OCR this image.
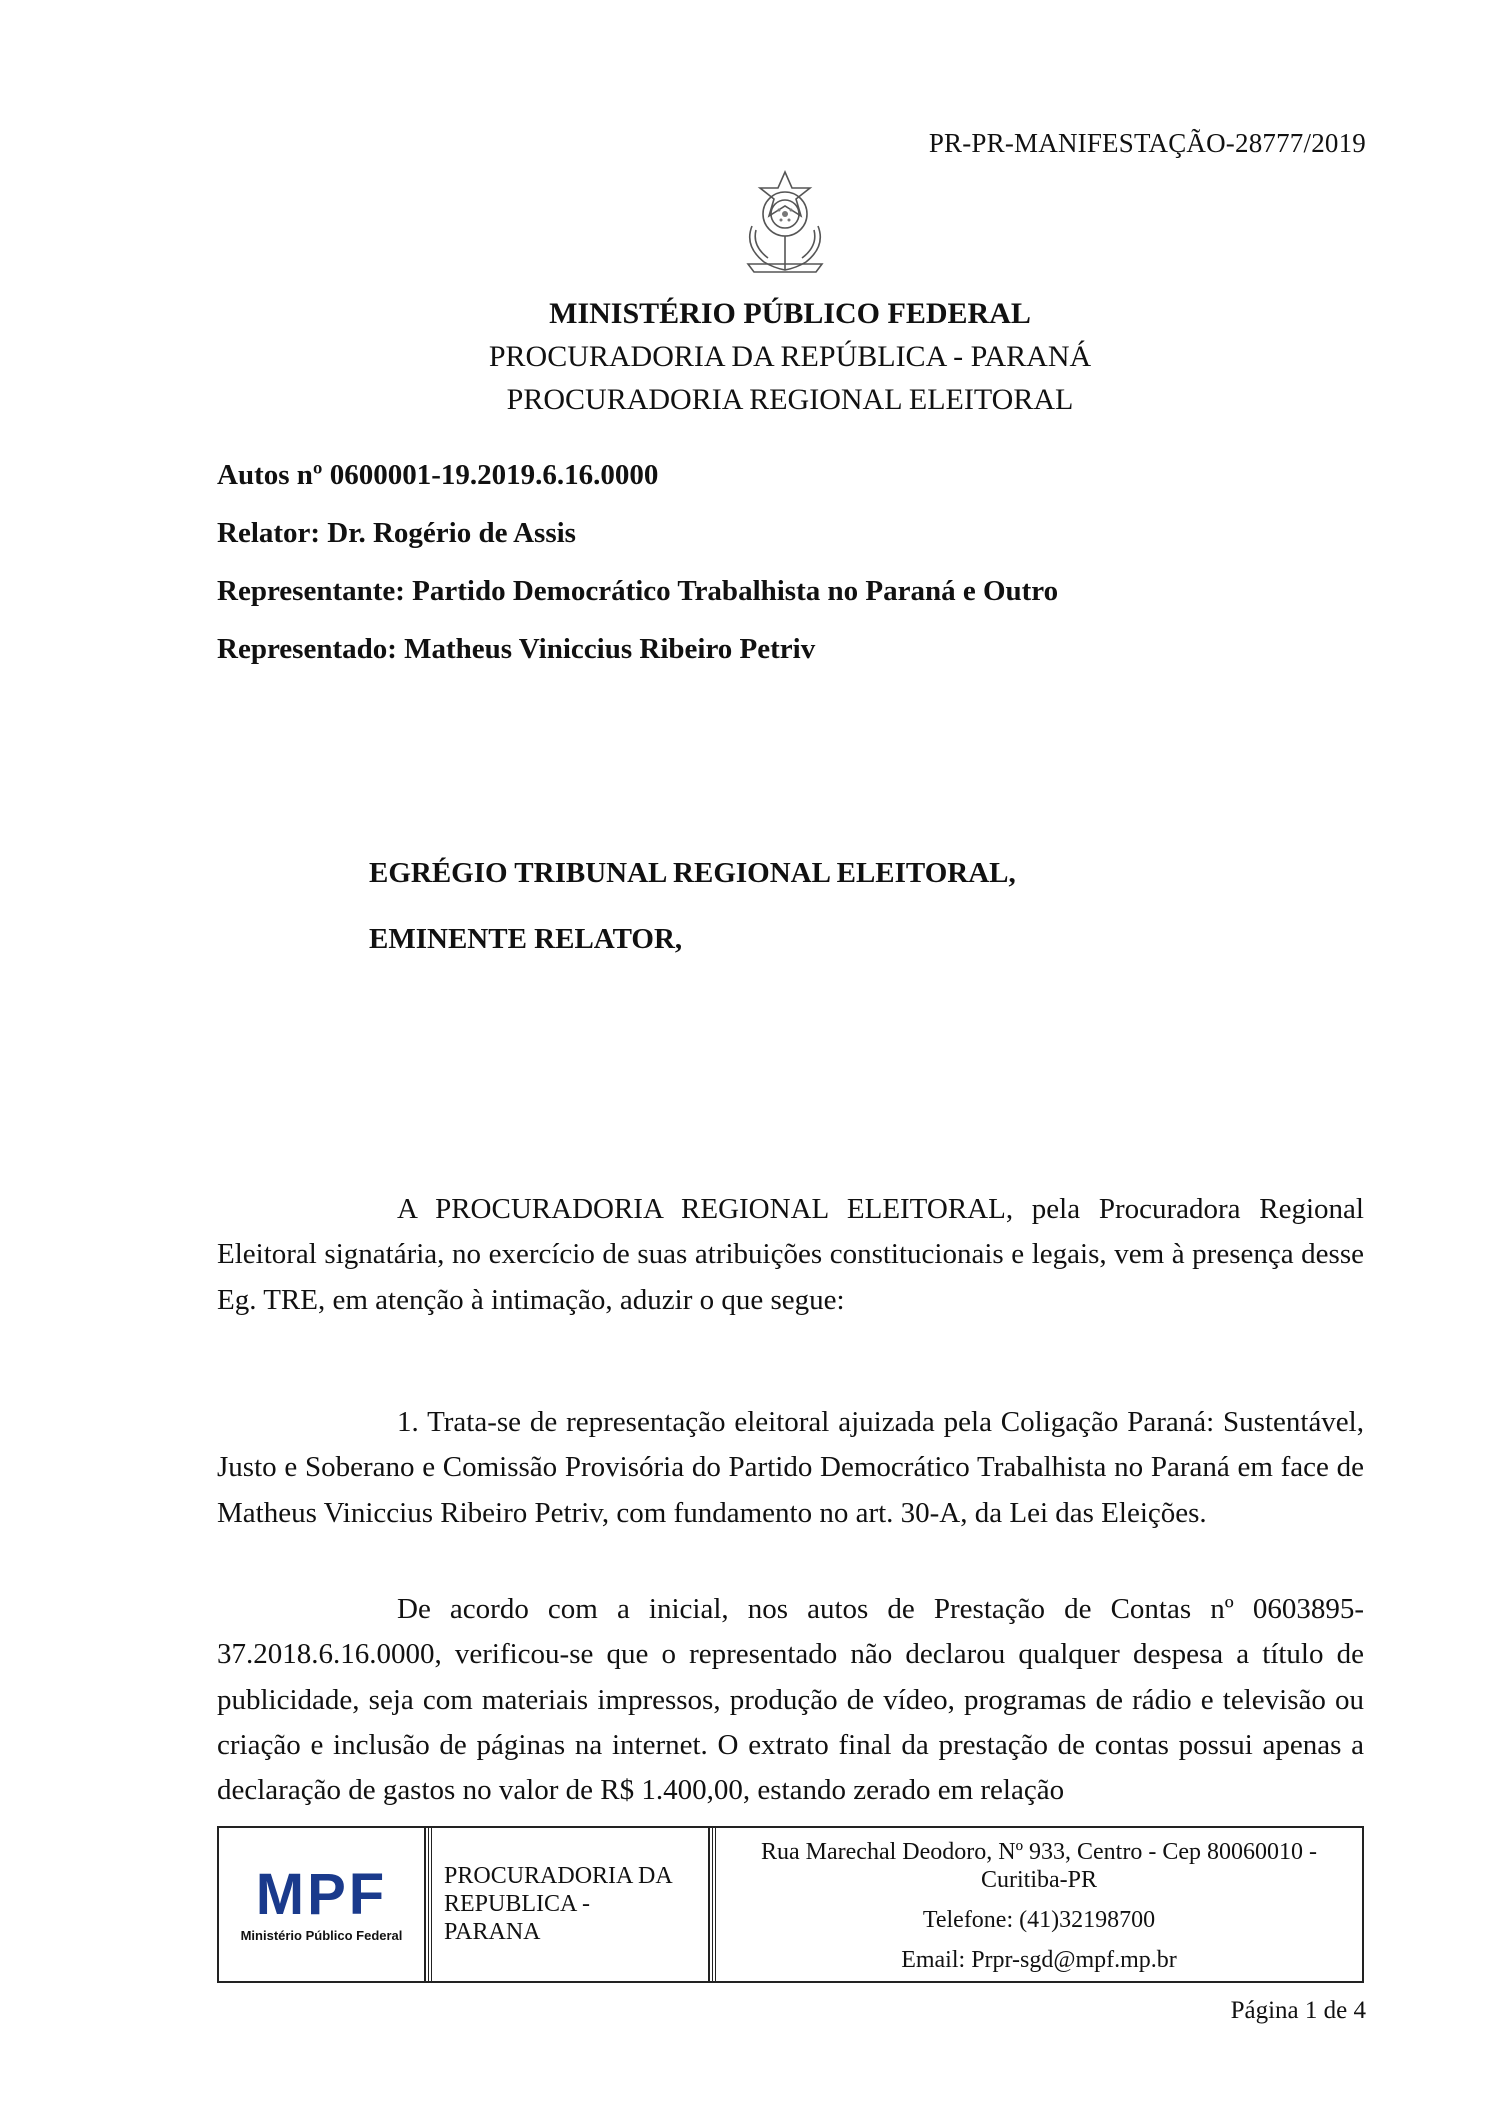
PR-PR-MANIFESTAÇÃO-28777/2019
MINISTÉRIO PÚBLICO FEDERAL
PROCURADORIA DA REPÚBLICA - PARANÁ
PROCURADORIA REGIONAL ELEITORAL
Autos nº 0600001-19.2019.6.16.0000
Relator: Dr. Rogério de Assis
Representante: Partido Democrático Trabalhista no Paraná e Outro
Representado: Matheus Viniccius Ribeiro Petriv
EGRÉGIO TRIBUNAL REGIONAL ELEITORAL,
EMINENTE RELATOR,

A PROCURADORIA REGIONAL ELEITORAL, pela Procuradora Regional Eleitoral signatária, no exercício de suas atribuições constitucionais e legais, vem à presença desse Eg. TRE, em atenção à intimação, aduzir o que segue:

1. Trata-se de representação eleitoral ajuizada pela Coligação Paraná: Sustentável, Justo e Soberano e Comissão Provisória do Partido Democrático Trabalhista no Paraná em face de Matheus Viniccius Ribeiro Petriv, com fundamento no art. 30-A, da Lei das Eleições.

De acordo com a inicial, nos autos de Prestação de Contas nº 0603895-37.2018.6.16.0000, verificou-se que o representado não declarou qualquer despesa a título de publicidade, seja com materiais impressos, produção de vídeo, programas de rádio e televisão ou criação e inclusão de páginas na internet. O extrato final da prestação de contas possui apenas a declaração de gastos no valor de R$ 1.400,00, estando zerado em relação

MPF
Ministério Público Federal
PROCURADORIA DA
REPUBLICA -
PARANA
Rua Marechal Deodoro, Nº 933, Centro - Cep 80060010 -
Curitiba-PR
Telefone: (41)32198700
Email: Prpr-sgd@mpf.mp.br
Página 1 de 4
